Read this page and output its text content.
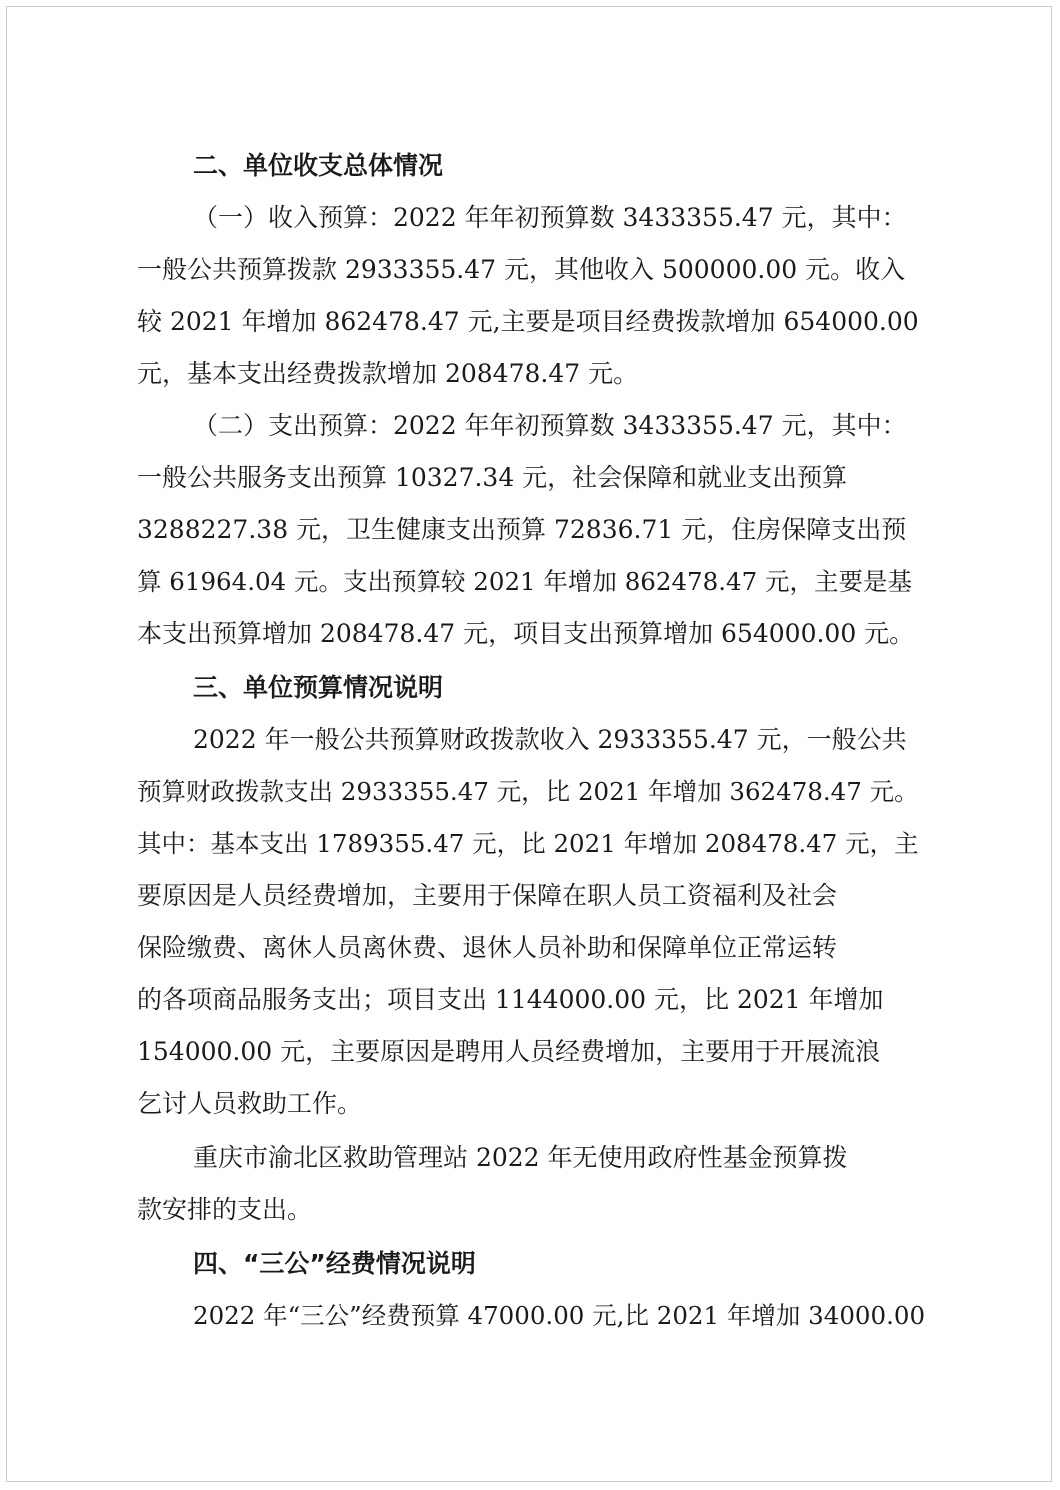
二、单位收支总体情况
（一）收入预算：2022 年年初预算数 3433355.47 元，其中：
一般公共预算拨款 2933355.47 元，其他收入 500000.00 元。收入
较 2021 年增加 862478.47 元,主要是项目经费拨款增加 654000.00
元，基本支出经费拨款增加 208478.47 元。
（二）支出预算：2022 年年初预算数 3433355.47 元，其中：
一般公共服务支出预算 10327.34 元，社会保障和就业支出预算
3288227.38 元，卫生健康支出预算 72836.71 元，住房保障支出预
算 61964.04 元。支出预算较 2021 年增加 862478.47 元，主要是基
本支出预算增加 208478.47 元，项目支出预算增加 654000.00 元。
三、单位预算情况说明
2022 年一般公共预算财政拨款收入 2933355.47 元，一般公共
预算财政拨款支出 2933355.47 元，比 2021 年增加 362478.47 元。
其中：基本支出 1789355.47 元，比 2021 年增加 208478.47 元，主
要原因是人员经费增加，主要用于保障在职人员工资福利及社会
保险缴费、离休人员离休费、退休人员补助和保障单位正常运转
的各项商品服务支出；项目支出 1144000.00 元，比 2021 年增加
154000.00 元，主要原因是聘用人员经费增加，主要用于开展流浪
乞讨人员救助工作。
重庆市渝北区救助管理站 2022 年无使用政府性基金预算拨
款安排的支出。
四、“三公”经费情况说明
2022 年“三公”经费预算 47000.00 元,比 2021 年增加 34000.00
